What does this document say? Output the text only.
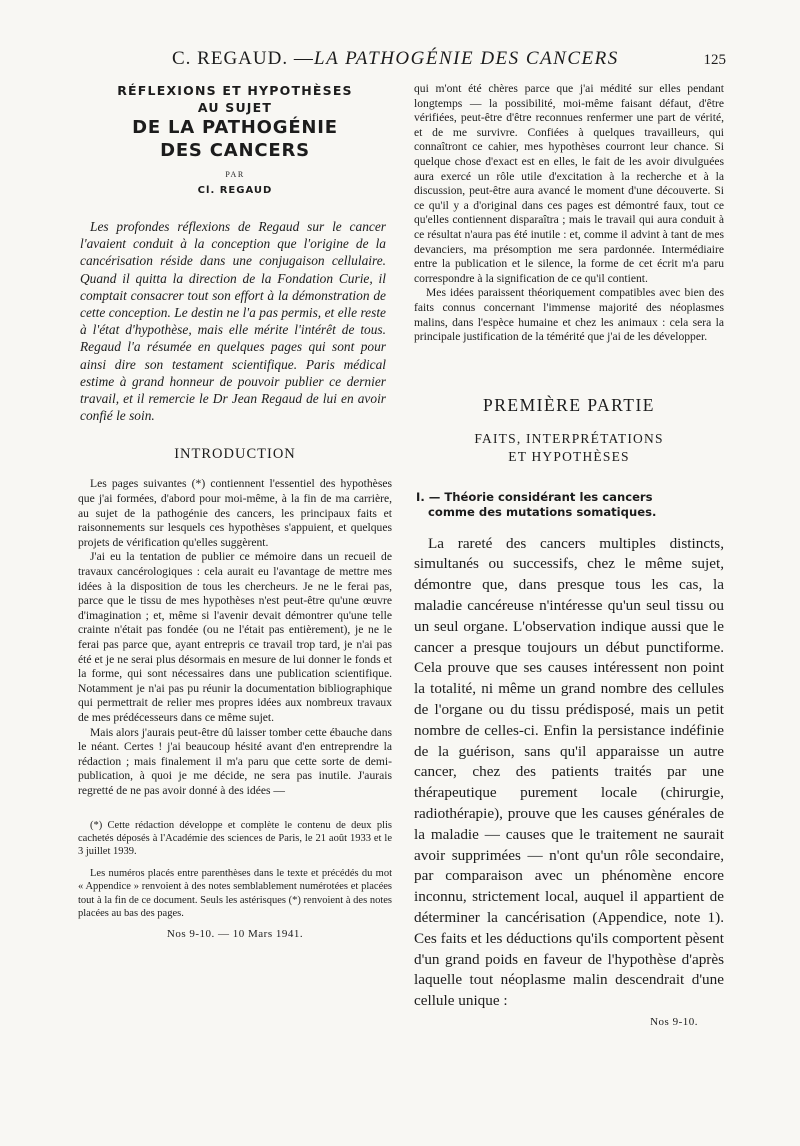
C. REGAUD. — LA PATHOGÉNIE DES CANCERS	125
RÉFLEXIONS ET HYPOTHÈSES
AU SUJET
DE LA PATHOGÉNIE
DES CANCERS
PAR
Cl. REGAUD

Les profondes réflexions de Regaud sur le cancer l'avaient conduit à la conception que l'origine de la cancérisation réside dans une conjugaison cellulaire. Quand il quitta la direction de la Fondation Curie, il comptait consacrer tout son effort à la démonstration de cette conception. Le destin ne l'a pas permis, et elle reste à l'état d'hypothèse, mais elle mérite l'intérêt de tous. Regaud l'a résumée en quelques pages qui sont pour ainsi dire son testament scientifique. Paris médical estime à grand honneur de pouvoir publier ce dernier travail, et il remercie le Dr Jean Regaud de lui en avoir confié le soin.

INTRODUCTION

Les pages suivantes (*) contiennent l'essentiel des hypothèses que j'ai formées, d'abord pour moi-même, à la fin de ma carrière, au sujet de la pathogénie des cancers, les principaux faits et raisonnements sur lesquels ces hypothèses s'appuient, et quelques projets de vérification qu'elles suggèrent.

J'ai eu la tentation de publier ce mémoire dans un recueil de travaux cancérologiques : cela aurait eu l'avantage de mettre mes idées à la disposition de tous les chercheurs. Je ne le ferai pas, parce que le tissu de mes hypothèses n'est peut-être qu'une œuvre d'imagination ; et, même si l'avenir devait démontrer qu'une telle crainte n'était pas fondée (ou ne l'était pas entièrement), je ne le ferai pas parce que, ayant entrepris ce travail trop tard, je n'ai pas été et je ne serai plus désormais en mesure de lui donner le fonds et la forme, qui sont nécessaires dans une publication scientifique. Notamment je n'ai pas pu réunir la documentation bibliographique qui permettrait de relier mes propres idées aux nombreux travaux de mes prédécesseurs dans ce même sujet.

Mais alors j'aurais peut-être dû laisser tomber cette ébauche dans le néant. Certes ! j'ai beaucoup hésité avant d'en entreprendre la rédaction ; mais finalement il m'a paru que cette sorte de demi-publication, à quoi je me décide, ne sera pas inutile. J'aurais regretté de ne pas avoir donné à des idées —

(*) Cette rédaction développe et complète le contenu de deux plis cachetés déposés à l'Académie des sciences de Paris, le 21 août 1933 et le 3 juillet 1939.

Les numéros placés entre parenthèses dans le texte et précédés du mot « Appendice » renvoient à des notes semblablement numérotées et placées tout à la fin de ce document. Seuls les astérisques (*) renvoient à des notes placées au bas des pages.

Nos 9-10. — 10 Mars 1941.

qui m'ont été chères parce que j'ai médité sur elles pendant longtemps — la possibilité, moi-même faisant défaut, d'être vérifiées, peut-être d'être reconnues renfermer une part de vérité, et de me survivre. Confiées à quelques travailleurs, qui connaîtront ce cahier, mes hypothèses courront leur chance. Si quelque chose d'exact est en elles, le fait de les avoir divulguées aura exercé un rôle utile d'excitation à la recherche et à la discussion, peut-être aura avancé le moment d'une découverte. Si ce qu'il y a d'original dans ces pages est démontré faux, tout ce qu'elles contiennent disparaîtra ; mais le travail qui aura conduit à ce résultat n'aura pas été inutile : et, comme il advint à tant de mes devanciers, ma présomption me sera pardonnée. Intermédiaire entre la publication et le silence, la forme de cet écrit m'a paru correspondre à la signification de ce qu'il contient.

Mes idées paraissent théoriquement compatibles avec bien des faits connus concernant l'immense majorité des néoplasmes malins, dans l'espèce humaine et chez les animaux : cela sera la principale justification de la témérité que j'ai de les développer.

PREMIÈRE PARTIE
FAITS, INTERPRÉTATIONS
ET HYPOTHÈSES
I. — Théorie considérant les cancers
comme des mutations somatiques.

La rareté des cancers multiples distincts, simultanés ou successifs, chez le même sujet, démontre que, dans presque tous les cas, la maladie cancéreuse n'intéresse qu'un seul tissu ou un seul organe. L'observation indique aussi que le cancer a presque toujours un début punctiforme. Cela prouve que ses causes intéressent non point la totalité, ni même un grand nombre des cellules de l'organe ou du tissu prédisposé, mais un petit nombre de celles-ci. Enfin la persistance indéfinie de la guérison, sans qu'il apparaisse un autre cancer, chez des patients traités par une thérapeutique purement locale (chirurgie, radiothérapie), prouve que les causes générales de la maladie — causes que le traitement ne saurait avoir supprimées — n'ont qu'un rôle secondaire, par comparaison avec un phénomène encore inconnu, strictement local, auquel il appartient de déterminer la cancérisation (Appendice, note 1). Ces faits et les déductions qu'ils comportent pèsent d'un grand poids en faveur de l'hypothèse d'après laquelle tout néoplasme malin descendrait d'une cellule unique :

Nos 9-10.
